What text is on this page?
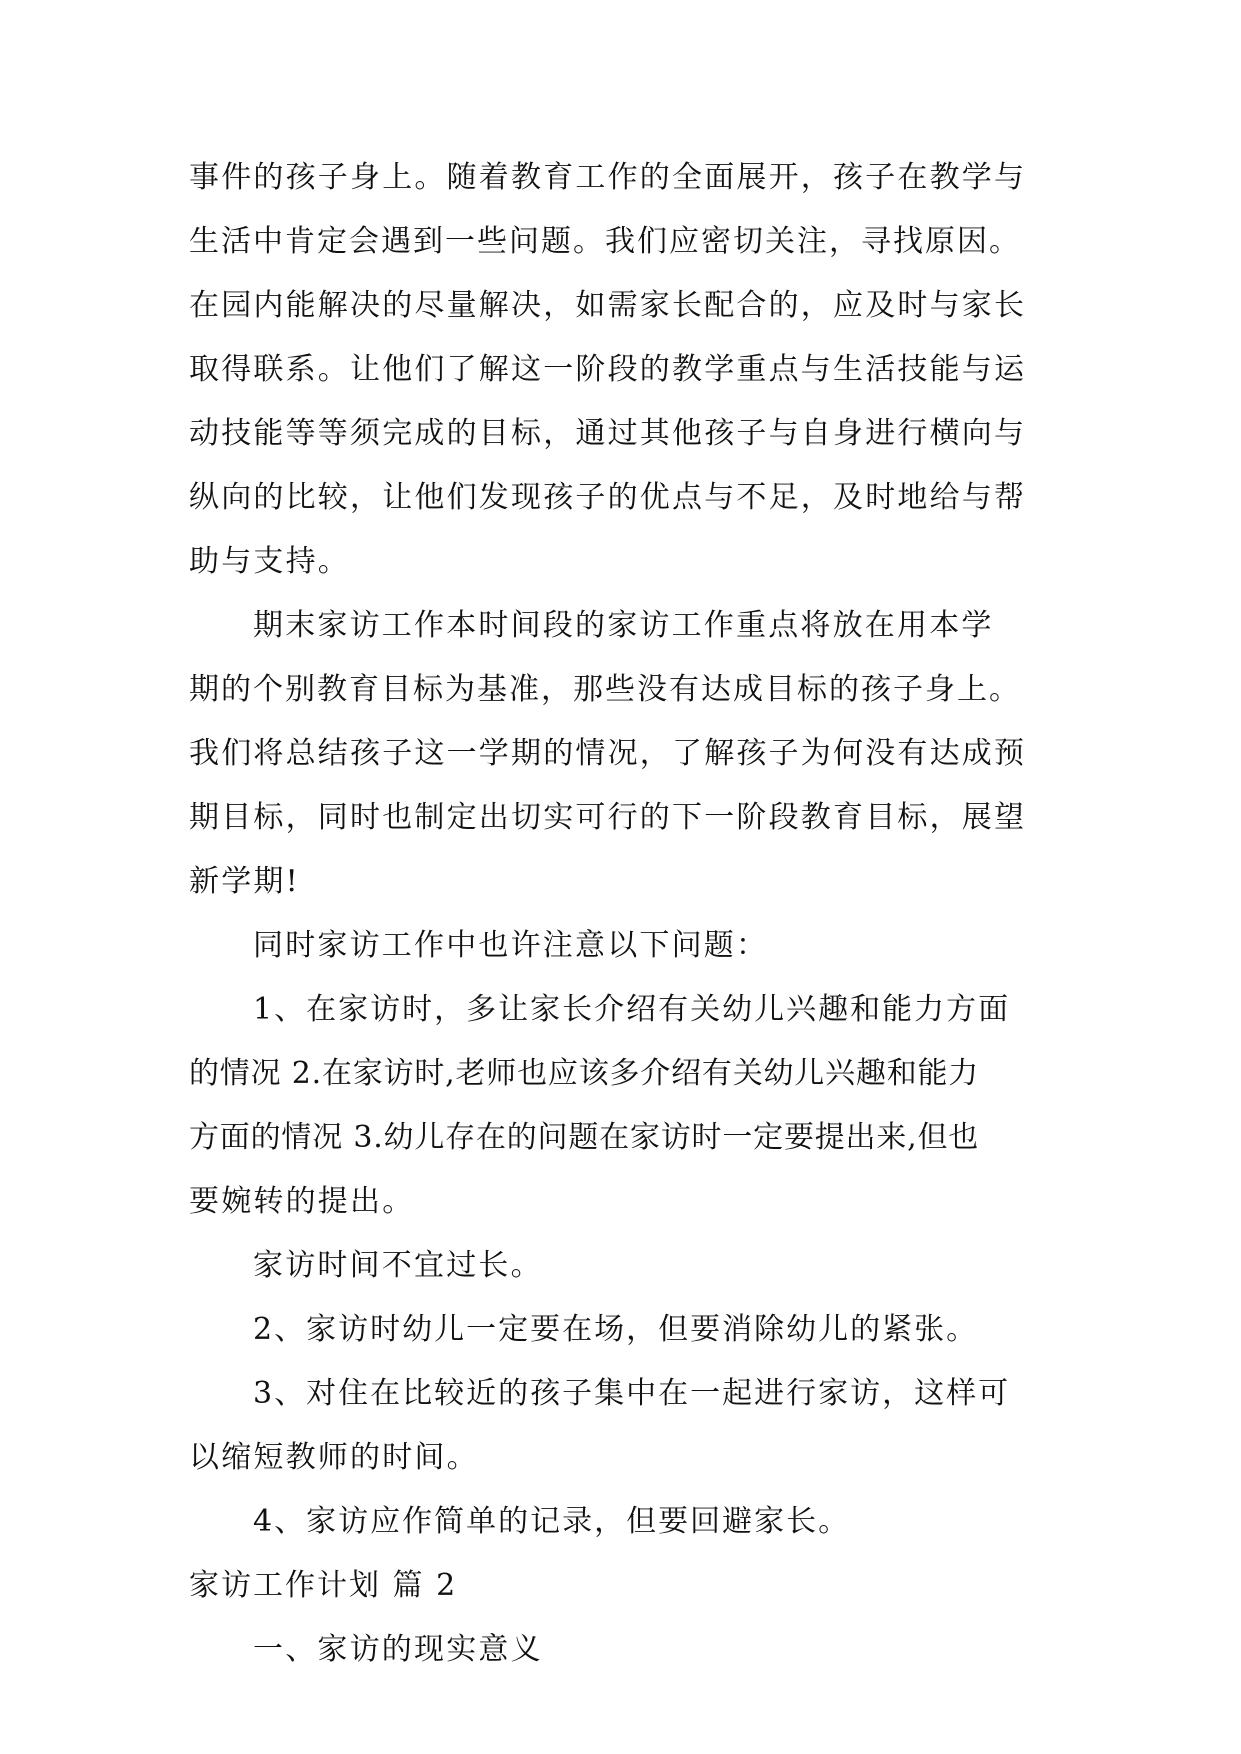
事件的孩子身上。随着教育工作的全面展开，孩子在教学与

生活中肯定会遇到一些问题。我们应密切关注，寻找原因。

在园内能解决的尽量解决，如需家长配合的，应及时与家长

取得联系。让他们了解这一阶段的教学重点与生活技能与运

动技能等等须完成的目标，通过其他孩子与自身进行横向与

纵向的比较，让他们发现孩子的优点与不足，及时地给与帮

助与支持。

期末家访工作本时间段的家访工作重点将放在用本学

期的个别教育目标为基准，那些没有达成目标的孩子身上。

我们将总结孩子这一学期的情况，了解孩子为何没有达成预

期目标，同时也制定出切实可行的下一阶段教育目标，展望

新学期!

同时家访工作中也许注意以下问题：

1、在家访时，多让家长介绍有关幼儿兴趣和能力方面

的情况 2.在家访时,老师也应该多介绍有关幼儿兴趣和能力

方面的情况 3.幼儿存在的问题在家访时一定要提出来,但也

要婉转的提出。

家访时间不宜过长。

2、家访时幼儿一定要在场，但要消除幼儿的紧张。

3、对住在比较近的孩子集中在一起进行家访，这样可

以缩短教师的时间。

4、家访应作简单的记录，但要回避家长。

家访工作计划 篇 2

一、家访的现实意义
